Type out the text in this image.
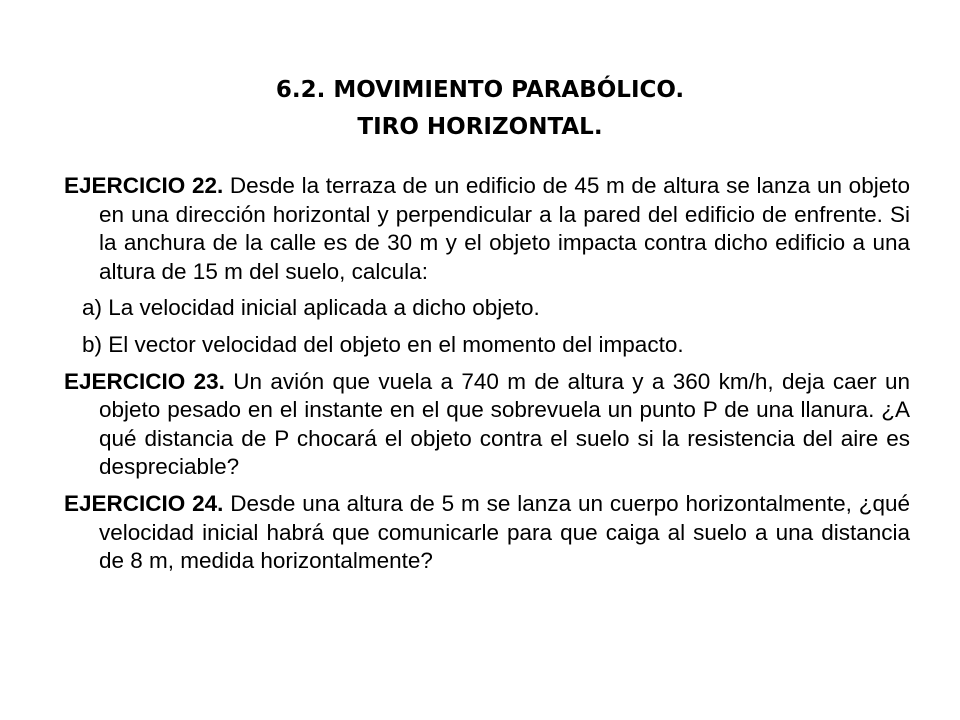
6.2. MOVIMIENTO PARABÓLICO.
TIRO HORIZONTAL.

EJERCICIO 22. Desde la terraza de un edificio de 45 m de altura se lanza un objeto en una dirección horizontal y perpendicular a la pared del edificio de enfrente. Si la anchura de la calle es de 30 m y el objeto impacta contra dicho edificio a una altura de 15 m del suelo, calcula:

a) La velocidad inicial aplicada a dicho objeto.
b) El vector velocidad del objeto en el momento del impacto.

EJERCICIO 23. Un avión que vuela a 740 m de altura y a 360 km/h, deja caer un objeto pesado en el instante en el que sobrevuela un punto P de una llanura. ¿A qué distancia de P chocará el objeto contra el suelo si la resistencia del aire es despreciable?

EJERCICIO 24. Desde una altura de 5 m se lanza un cuerpo horizontalmente, ¿qué velocidad inicial habrá que comunicarle para que caiga al suelo a una distancia de 8 m, medida horizontalmente?
